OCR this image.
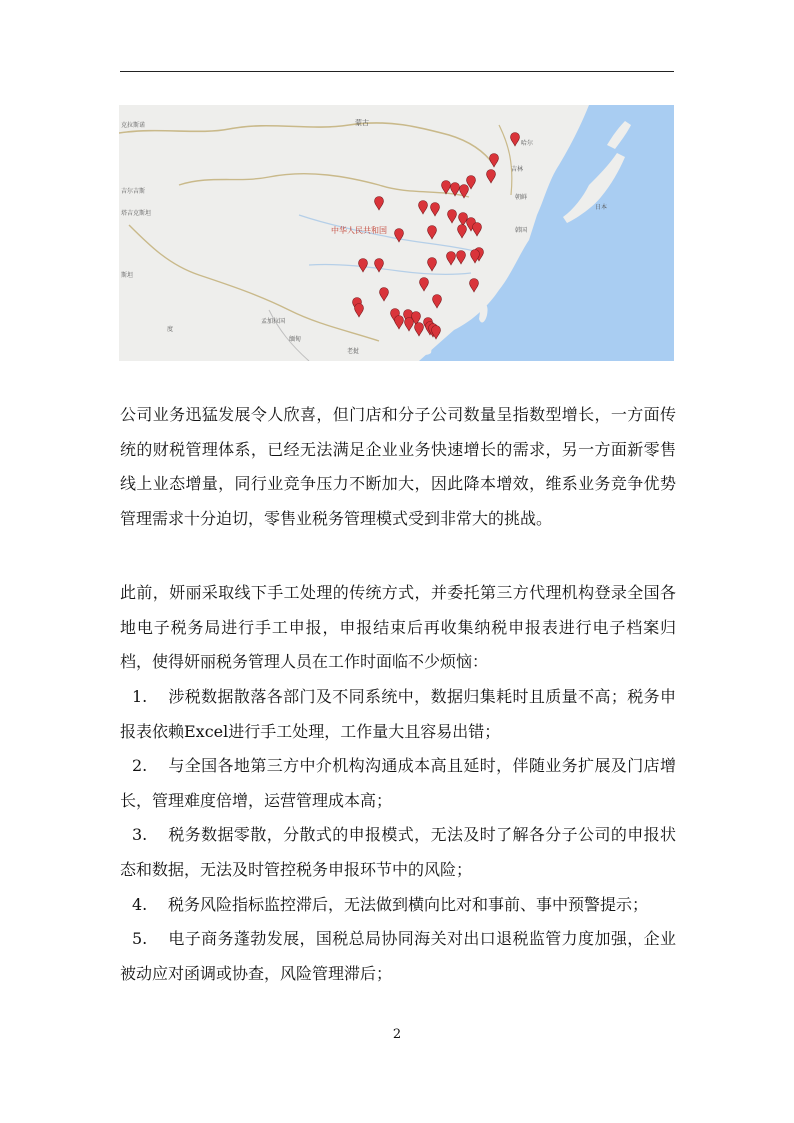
克拉斯诺	蒙古
中华人民共和国
朝鲜
韩国
日本
哈尔
吉林
塔吉克斯坦
吉尔吉斯
斯坦
度
孟加拉国
缅甸
老挝

公司业务迅猛发展令人欣喜，但门店和分子公司数量呈指数型增长，一方面传统的财税管理体系，已经无法满足企业业务快速增长的需求，另一方面新零售线上业态增量，同行业竞争压力不断加大，因此降本增效，维系业务竞争优势管理需求十分迫切，零售业税务管理模式受到非常大的挑战。

此前，妍丽采取线下手工处理的传统方式，并委托第三方代理机构登录全国各地电子税务局进行手工申报，申报结束后再收集纳税申报表进行电子档案归档，使得妍丽税务管理人员在工作时面临不少烦恼：

1. 涉税数据散落各部门及不同系统中，数据归集耗时且质量不高；税务申报表依赖Excel进行手工处理，工作量大且容易出错；
2. 与全国各地第三方中介机构沟通成本高且延时，伴随业务扩展及门店增长，管理难度倍增，运营管理成本高；
3. 税务数据零散，分散式的申报模式，无法及时了解各分子公司的申报状态和数据，无法及时管控税务申报环节中的风险；
4. 税务风险指标监控滞后，无法做到横向比对和事前、事中预警提示；
5. 电子商务蓬勃发展，国税总局协同海关对出口退税监管力度加强，企业被动应对函调或协查，风险管理滞后；
2
